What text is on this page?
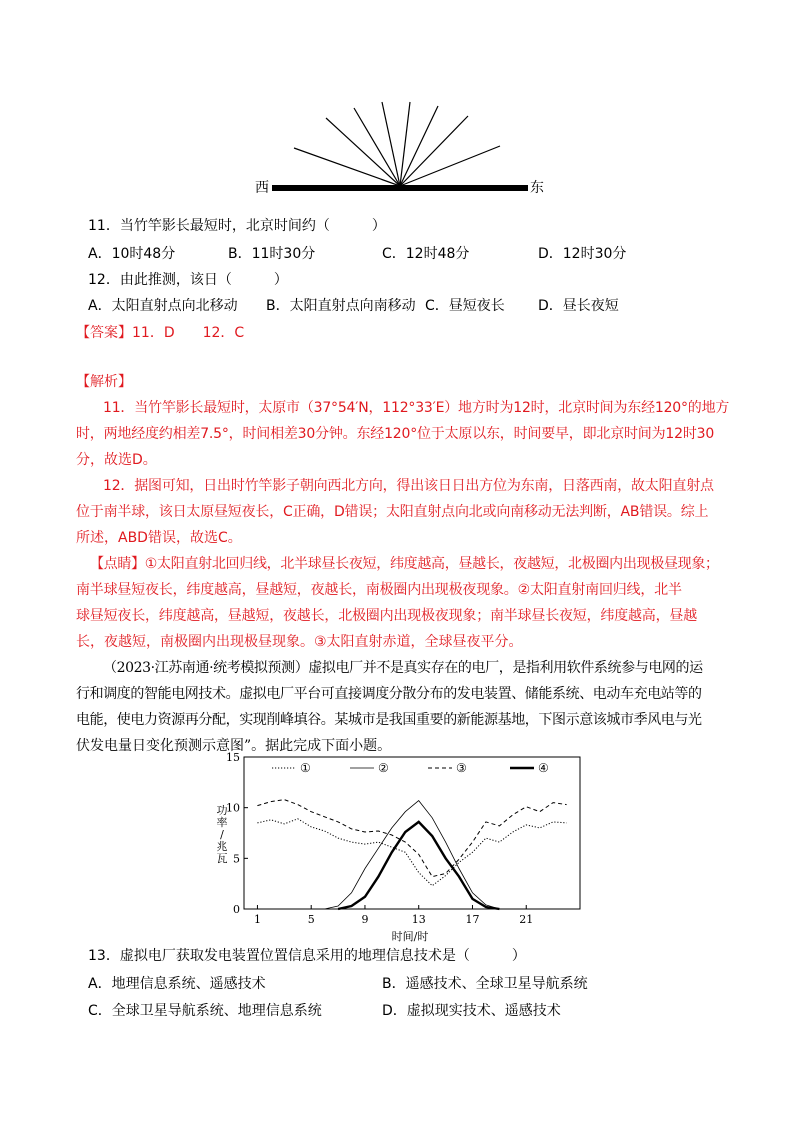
西	东
11．当竹竿影长最短时，北京时间约（　　　）
A．10时48分	B．11时30分	C．12时48分	D．12时30分
12．由此推测，该日（　　　）
A．太阳直射点向北移动 B．太阳直射点向南移动 C．昼短夜长 D．昼长夜短
【答案】11．D　　12．C
【解析】
11．当竹竿影长最短时，太原市（37°54′N，112°33′E）地方时为12时，北京时间为东经120°的地方
时，两地经度约相差7.5°，时间相差30分钟。东经120°位于太原以东，时间要早，即北京时间为12时30
分，故选D。
12．据图可知，日出时竹竿影子朝向西北方向，得出该日日出方位为东南，日落西南，故太阳直射点
位于南半球，该日太原昼短夜长，C正确，D错误；太阳直射点向北或向南移动无法判断，AB错误。综上
所述，ABD错误，故选C。
【点睛】①太阳直射北回归线，北半球昼长夜短，纬度越高，昼越长，夜越短，北极圈内出现极昼现象；
南半球昼短夜长，纬度越高，昼越短，夜越长，南极圈内出现极夜现象。②太阳直射南回归线，北半
球昼短夜长，纬度越高，昼越短，夜越长，北极圈内出现极夜现象；南半球昼长夜短，纬度越高，昼越
长，夜越短，南极圈内出现极昼现象。③太阳直射赤道，全球昼夜平分。
（2023·江苏南通·统考模拟预测）虚拟电厂并不是真实存在的电厂，是指利用软件系统参与电网的运
行和调度的智能电网技术。虚拟电厂平台可直接调度分散分布的发电装置、储能系统、电动车充电站等的
电能，使电力资源再分配，实现削峰填谷。某城市是我国重要的新能源基地，下图示意该城市季风电与光
伏发电量日变化预测示意图”。据此完成下面小题。
0
5
10
15
1	5	9	13	17	21
①	②	③	④
功率/兆瓦
时间/时
13．虚拟电厂获取发电装置位置信息采用的地理信息技术是（　　　）
A．地理信息系统、遥感技术	B．遥感技术、全球卫星导航系统
C．全球卫星导航系统、地理信息系统	D．虚拟现实技术、遥感技术
